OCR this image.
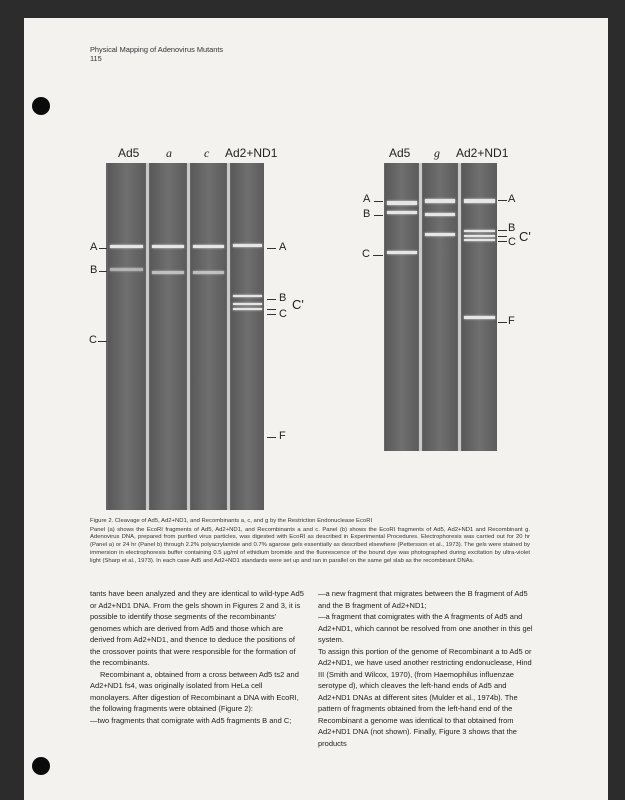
Physical Mapping of Adenovirus Mutants
115
Ad5 a	c Ad2+ND1
A
B
C
A
B
C
C'
F
Ad5 g Ad2+ND1
A
B
C
A
B
C C'
F
Figure 2. Cleavage of Ad5, Ad2+ND1, and Recombinants a, c, and g by the Restriction Endonuclease EcoRI
Panel (a) shows the EcoRI fragments of Ad5, Ad2+ND1, and Recombinants a and c. Panel (b) shows the EcoRI fragments of Ad5, Ad2+ND1 and Recombinant g. Adenovirus DNA, prepared from purified virus particles, was digested with EcoRI as described in Experimental Procedures. Electrophoresis was carried out for 20 hr (Panel a) or 24 hr (Panel b) through 2.2% polyacrylamide and 0.7% agarose gels essentially as described elsewhere (Pettersson et al., 1973). The gels were stained by immersion in electrophoresis buffer containing 0.5 μg/ml of ethidium bromide and the fluorescence of the bound dye was photographed during excitation by ultra-violet light (Sharp et al., 1973). In each case Ad5 and Ad2+ND1 standards were set up and ran in parallel on the same gel slab as the recombinant DNAs.

tants have been analyzed and they are identical to wild-type Ad5 or Ad2+ND1 DNA. From the gels shown in Figures 2 and 3, it is possible to identify those segments of the recombinants' genomes which are derived from Ad5 and those which are derived from Ad2+ND1, and thence to deduce the positions of the crossover points that were responsible for the formation of the recombinants.

Recombinant a, obtained from a cross between Ad5 ts2 and Ad2+ND1 fs4, was originally isolated from HeLa cell monolayers. After digestion of Recombinant a DNA with EcoRI, the following fragments were obtained (Figure 2):

—two fragments that comigrate with Ad5 fragments B and C;

—a new fragment that migrates between the B fragment of Ad5 and the B fragment of Ad2+ND1;

—a fragment that comigrates with the A fragments of Ad5 and Ad2+ND1, which cannot be resolved from one another in this gel system.

To assign this portion of the genome of Recombinant a to Ad5 or Ad2+ND1, we have used another restricting endonuclease, Hind III (Smith and Wilcox, 1970), (from Haemophilus influenzae serotype d), which cleaves the left-hand ends of Ad5 and Ad2+ND1 DNAs at different sites (Mulder et al., 1974b). The pattern of fragments obtained from the left-hand end of the Recombinant a genome was identical to that obtained from Ad2+ND1 DNA (not shown). Finally, Figure 3 shows that the products
